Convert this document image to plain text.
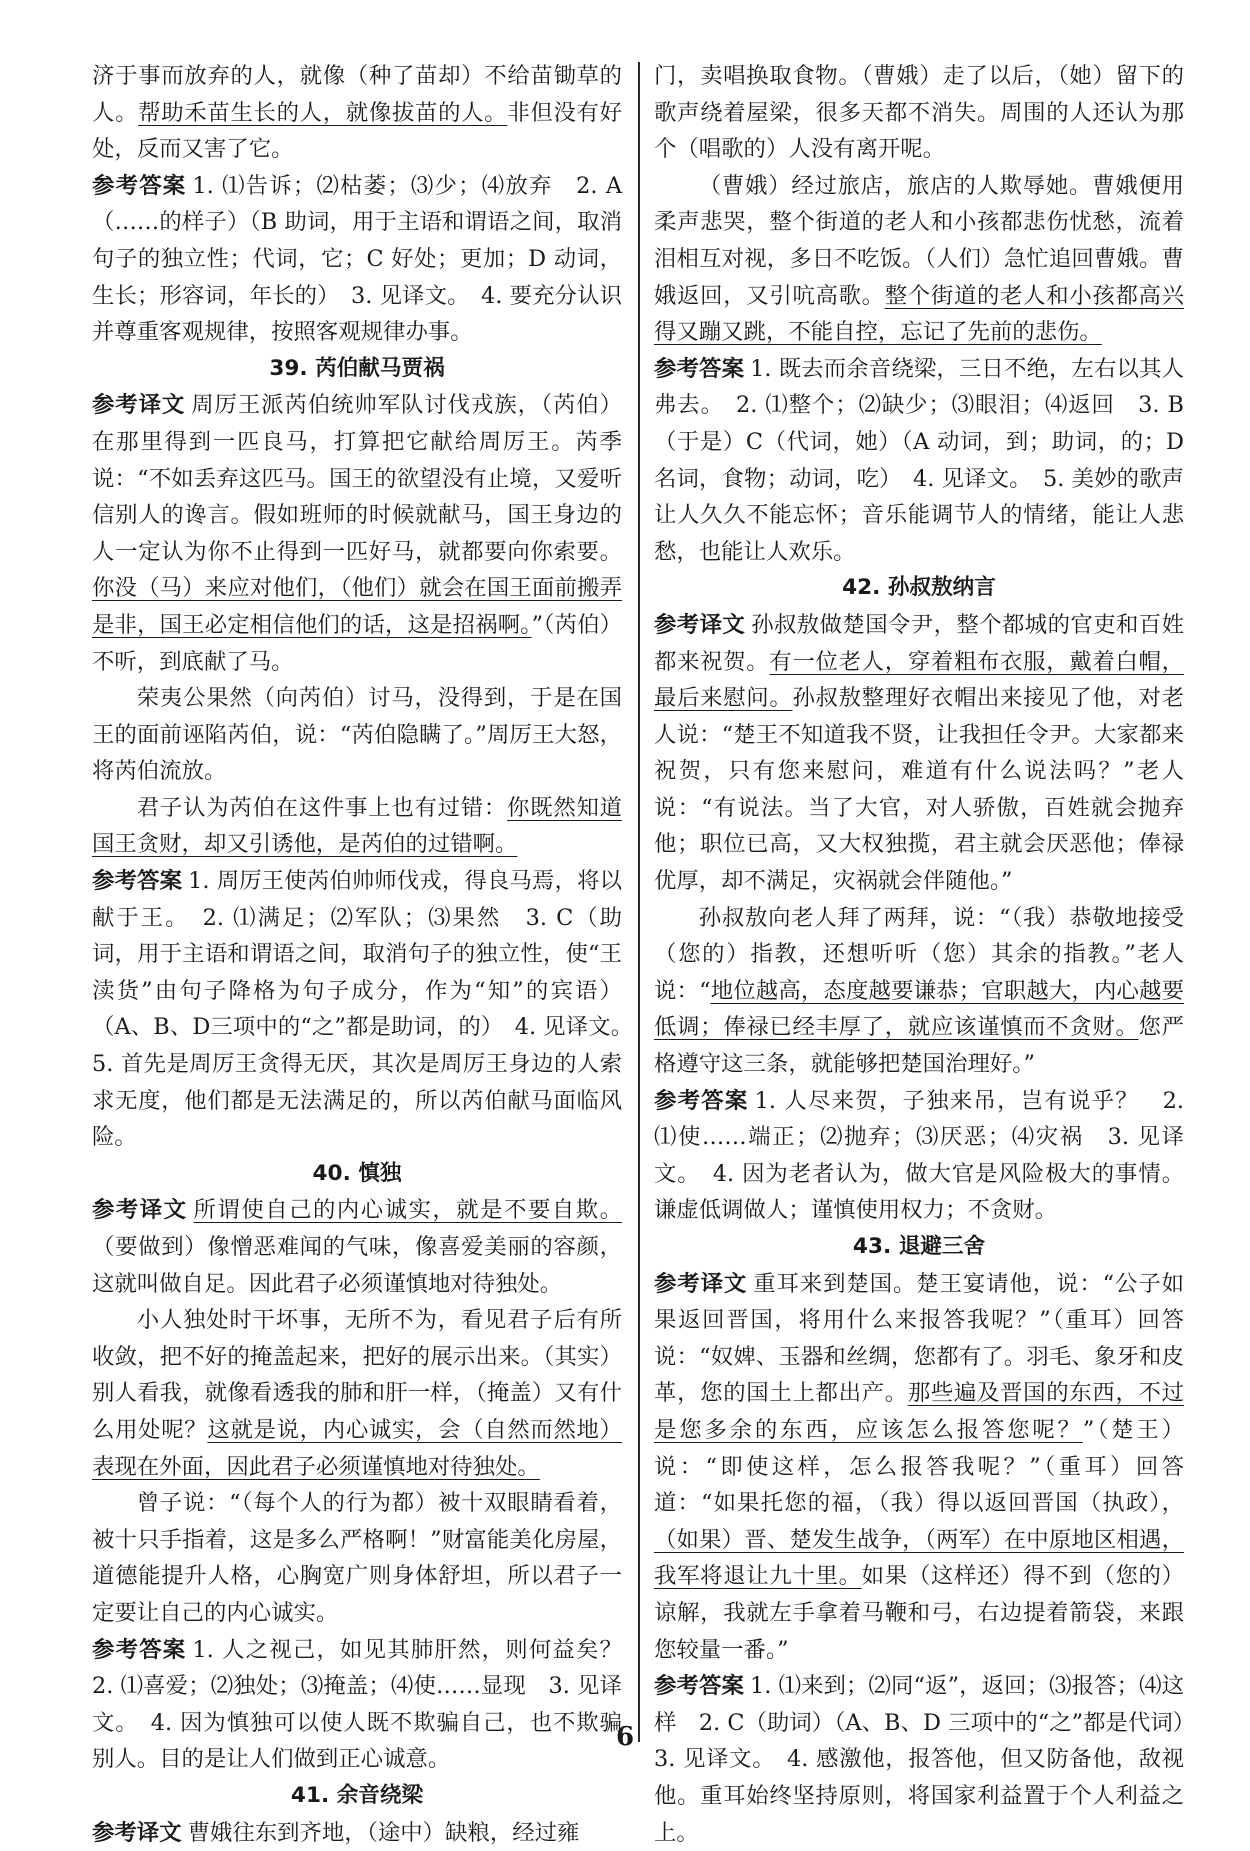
济于事而放弃的人，就像（种了苗却）不给苗锄草的人。帮助禾苗生长的人，就像拔苗的人。非但没有好处，反而又害了它。

参考答案 1. ⑴告诉；⑵枯萎；⑶少；⑷放弃　2. A（……的样子）（B 助词，用于主语和谓语之间，取消句子的独立性；代词，它；C 好处；更加；D 动词，生长；形容词，年长的）　3. 见译文。　4. 要充分认识并尊重客观规律，按照客观规律办事。

39. 芮伯献马贾祸

参考译文 周厉王派芮伯统帅军队讨伐戎族，（芮伯）在那里得到一匹良马，打算把它献给周厉王。芮季说：“不如丢弃这匹马。国王的欲望没有止境，又爱听信别人的谗言。假如班师的时候就献马，国王身边的人一定认为你不止得到一匹好马，就都要向你索要。你没（马）来应对他们，（他们）就会在国王面前搬弄是非，国王必定相信他们的话，这是招祸啊。”（芮伯）不听，到底献了马。

荣夷公果然（向芮伯）讨马，没得到，于是在国王的面前诬陷芮伯，说：“芮伯隐瞒了。”周厉王大怒，将芮伯流放。

君子认为芮伯在这件事上也有过错：你既然知道国王贪财，却又引诱他，是芮伯的过错啊。

参考答案 1. 周厉王使芮伯帅师伐戎，得良马焉，将以献于王。　2. ⑴满足；⑵军队；⑶果然　3. C（助词，用于主语和谓语之间，取消句子的独立性，使“王渎货”由句子降格为句子成分，作为“知”的宾语）（A、B、D三项中的“之”都是助词，的）　4. 见译文。　5. 首先是周厉王贪得无厌，其次是周厉王身边的人索求无度，他们都是无法满足的，所以芮伯献马面临风险。

40. 慎独

参考译文 所谓使自己的内心诚实，就是不要自欺。（要做到）像憎恶难闻的气味，像喜爱美丽的容颜，这就叫做自足。因此君子必须谨慎地对待独处。

小人独处时干坏事，无所不为，看见君子后有所收敛，把不好的掩盖起来，把好的展示出来。（其实）别人看我，就像看透我的肺和肝一样，（掩盖）又有什么用处呢？这就是说，内心诚实，会（自然而然地）表现在外面，因此君子必须谨慎地对待独处。

曾子说：“（每个人的行为都）被十双眼睛看着，被十只手指着，这是多么严格啊！”财富能美化房屋，道德能提升人格，心胸宽广则身体舒坦，所以君子一定要让自己的内心诚实。

参考答案 1. 人之视己，如见其肺肝然，则何益矣？　2. ⑴喜爱；⑵独处；⑶掩盖；⑷使……显现　3. 见译文。　4. 因为慎独可以使人既不欺骗自己，也不欺骗别人。目的是让人们做到正心诚意。

41. 余音绕梁

参考译文 曹娥往东到齐地，（途中）缺粮，经过雍

门，卖唱换取食物。（曹娥）走了以后，（她）留下的歌声绕着屋梁，很多天都不消失。周围的人还认为那个（唱歌的）人没有离开呢。

（曹娥）经过旅店，旅店的人欺辱她。曹娥便用柔声悲哭，整个街道的老人和小孩都悲伤忧愁，流着泪相互对视，多日不吃饭。（人们）急忙追回曹娥。曹娥返回，又引吭高歌。整个街道的老人和小孩都高兴得又蹦又跳，不能自控，忘记了先前的悲伤。

参考答案 1. 既去而余音绕梁，三日不绝，左右以其人弗去。　2. ⑴整个；⑵缺少；⑶眼泪；⑷返回　3. B（于是）C（代词，她）（A 动词，到；助词，的；D 名词，食物；动词，吃）　4. 见译文。　5. 美妙的歌声让人久久不能忘怀；音乐能调节人的情绪，能让人悲愁，也能让人欢乐。

42. 孙叔敖纳言

参考译文 孙叔敖做楚国令尹，整个都城的官吏和百姓都来祝贺。有一位老人，穿着粗布衣服，戴着白帽，最后来慰问。孙叔敖整理好衣帽出来接见了他，对老人说：“楚王不知道我不贤，让我担任令尹。大家都来祝贺，只有您来慰问，难道有什么说法吗？”老人说：“有说法。当了大官，对人骄傲，百姓就会抛弃他；职位已高，又大权独揽，君主就会厌恶他；俸禄优厚，却不满足，灾祸就会伴随他。”

孙叔敖向老人拜了两拜，说：“（我）恭敬地接受（您的）指教，还想听听（您）其余的指教。”老人说：“地位越高，态度越要谦恭；官职越大，内心越要低调；俸禄已经丰厚了，就应该谨慎而不贪财。您严格遵守这三条，就能够把楚国治理好。”

参考答案 1. 人尽来贺，子独来吊，岂有说乎？　2. ⑴使……端正；⑵抛弃；⑶厌恶；⑷灾祸　3. 见译文。　4. 因为老者认为，做大官是风险极大的事情。谦虚低调做人；谨慎使用权力；不贪财。

43. 退避三舍

参考译文 重耳来到楚国。楚王宴请他，说：“公子如果返回晋国，将用什么来报答我呢？”（重耳）回答说：“奴婢、玉器和丝绸，您都有了。羽毛、象牙和皮革，您的国土上都出产。那些遍及晋国的东西，不过是您多余的东西，应该怎么报答您呢？”（楚王）说：“即使这样，怎么报答我呢？”（重耳）回答道：“如果托您的福，（我）得以返回晋国（执政），（如果）晋、楚发生战争，（两军）在中原地区相遇，我军将退让九十里。如果（这样还）得不到（您的）谅解，我就左手拿着马鞭和弓，右边提着箭袋，来跟您较量一番。”

参考答案 1. ⑴来到；⑵同“返”，返回；⑶报答；⑷这样　2. C（助词）（A、B、D 三项中的“之”都是代词）　3. 见译文。　4. 感激他，报答他，但又防备他，敌视他。重耳始终坚持原则，将国家利益置于个人利益之上。

6
